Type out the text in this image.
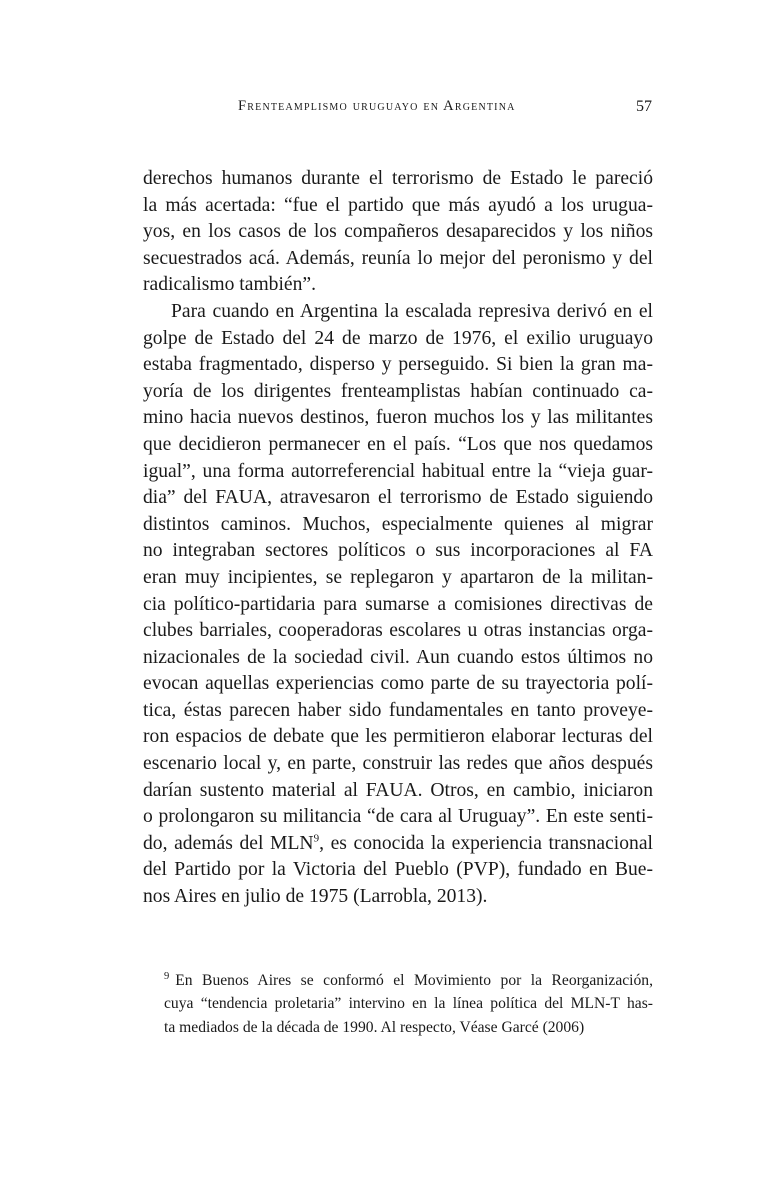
Frenteamplismo uruguayo en Argentina	57
derechos humanos durante el terrorismo de Estado le pareció
la más acertada: “fue el partido que más ayudó a los urugua-
yos, en los casos de los compañeros desaparecidos y los niños
secuestrados acá. Además, reunía lo mejor del peronismo y del
radicalismo también”.
Para cuando en Argentina la escalada represiva derivó en el
golpe de Estado del 24 de marzo de 1976, el exilio uruguayo
estaba fragmentado, disperso y perseguido. Si bien la gran ma-
yoría de los dirigentes frenteamplistas habían continuado ca-
mino hacia nuevos destinos, fueron muchos los y las militantes
que decidieron permanecer en el país. “Los que nos quedamos
igual”, una forma autorreferencial habitual entre la “vieja guar-
dia” del FAUA, atravesaron el terrorismo de Estado siguiendo
distintos caminos. Muchos, especialmente quienes al migrar
no integraban sectores políticos o sus incorporaciones al FA
eran muy incipientes, se replegaron y apartaron de la militan-
cia político-partidaria para sumarse a comisiones directivas de
clubes barriales, cooperadoras escolares u otras instancias orga-
nizacionales de la sociedad civil. Aun cuando estos últimos no
evocan aquellas experiencias como parte de su trayectoria polí-
tica, éstas parecen haber sido fundamentales en tanto proveye-
ron espacios de debate que les permitieron elaborar lecturas del
escenario local y, en parte, construir las redes que años después
darían sustento material al FAUA. Otros, en cambio, iniciaron
o prolongaron su militancia “de cara al Uruguay”. En este senti-
do, además del MLN$^9$, es conocida la experiencia transnacional
del Partido por la Victoria del Pueblo (PVP), fundado en Bue-
nos Aires en julio de 1975 (Larrobla, 2013).
$^9$ En Buenos Aires se conformó el Movimiento por la Reorganización,
cuya “tendencia proletaria” intervino en la línea política del MLN-T has-
ta mediados de la década de 1990. Al respecto, Véase Garcé (2006)
